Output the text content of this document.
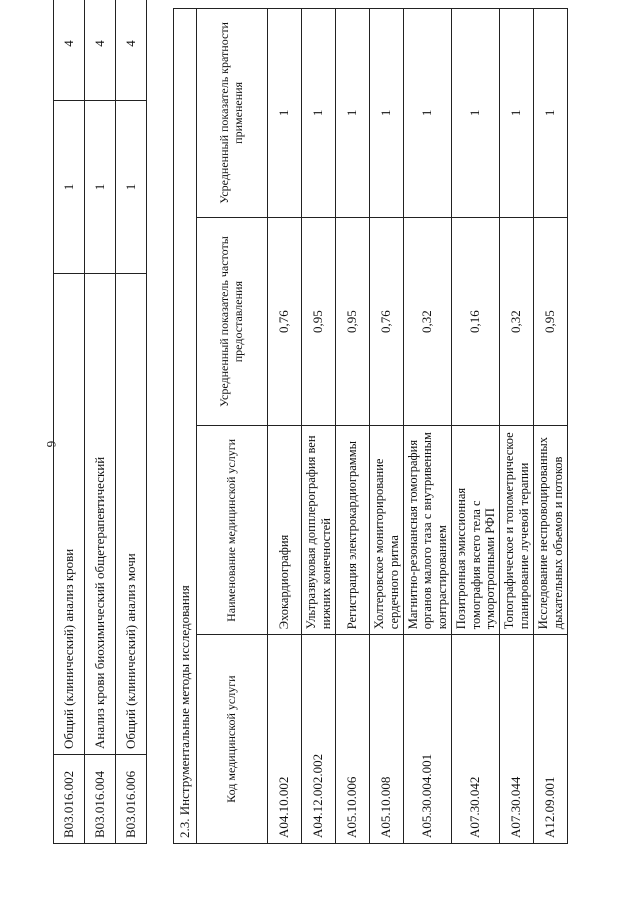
6
B03.016.002	Общий (клинический) анализ крови	1	4
B03.016.004	Анализ крови биохимический общетерапевтический	1	4
B03.016.006	Общий (клинический) анализ мочи	1	4
2.3. Инструментальные методы исследования			
Код медицинской услуги	Наименование медицинской услуги	Усредненный показатель частоты предоставления	Усредненный показатель кратности применения
A04.10.002	Эхокардиография	0,76	1
A04.12.002.002	Ультразвуковая допплерография вен нижних конечностей	0,95	1
A05.10.006	Регистрация электрокардиограммы	0,95	1
A05.10.008	Холтеровское мониторирование сердечного ритма	0,76	1
A05.30.004.001	Магнитно-резонансная томография органов малого таза с внутривенным контрастированием	0,32	1
A07.30.042	Позитронная эмиссионная томография всего тела с туморотропными РФП	0,16	1
A07.30.044	Топографическое и топометрическое планирование лучевой терапии	0,32	1
A12.09.001	Исследование неспровоцированных дыхательных объемов и потоков	0,95	1
